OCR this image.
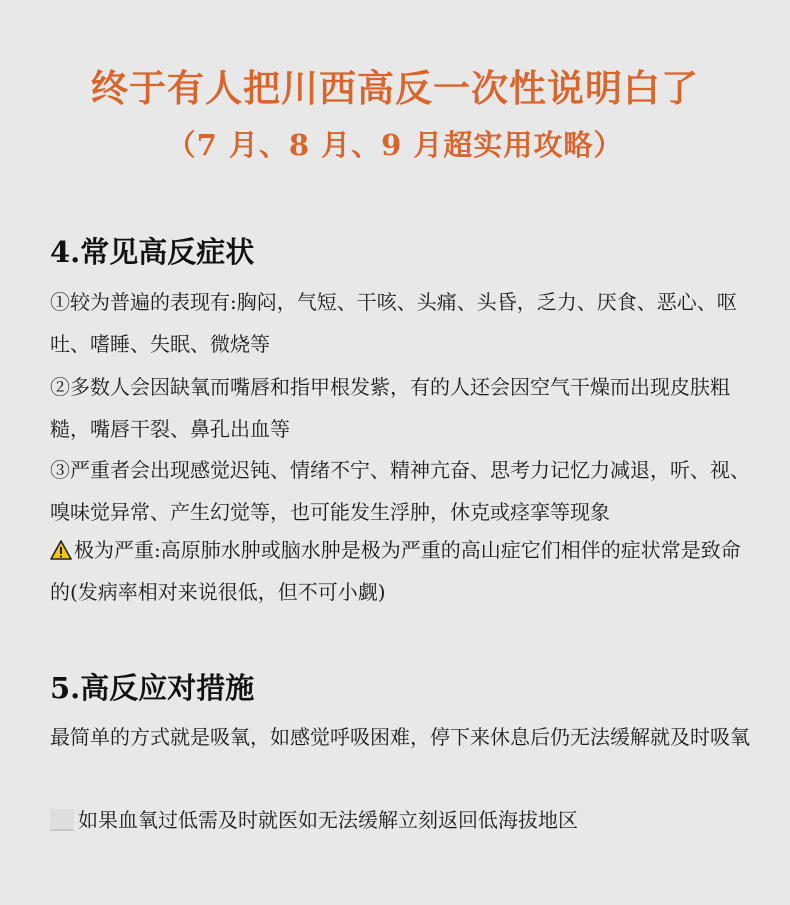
终于有人把川西高反一次性说明白了
（7 月、8 月、9 月超实用攻略）
4.常见高反症状
①较为普遍的表现有:胸闷，气短、干咳、头痛、头昏，乏力、厌食、恶心、呕吐、嗜睡、失眠、微烧等
②多数人会因缺氧而嘴唇和指甲根发紫，有的人还会因空气干燥而出现皮肤粗糙，嘴唇干裂、鼻孔出血等
③严重者会出现感觉迟钝、情绪不宁、精神亢奋、思考力记忆力减退，听、视、嗅味觉异常、产生幻觉等，也可能发生浮肿，休克或痉挛等现象
极为严重:高原肺水肿或脑水肿是极为严重的高山症它们相伴的症状常是致命的(发病率相对来说很低，但不可小觑)
5.高反应对措施
最简单的方式就是吸氧，如感觉呼吸困难，停下来休息后仍无法缓解就及时吸氧
如果血氧过低需及时就医如无法缓解立刻返回低海拔地区
